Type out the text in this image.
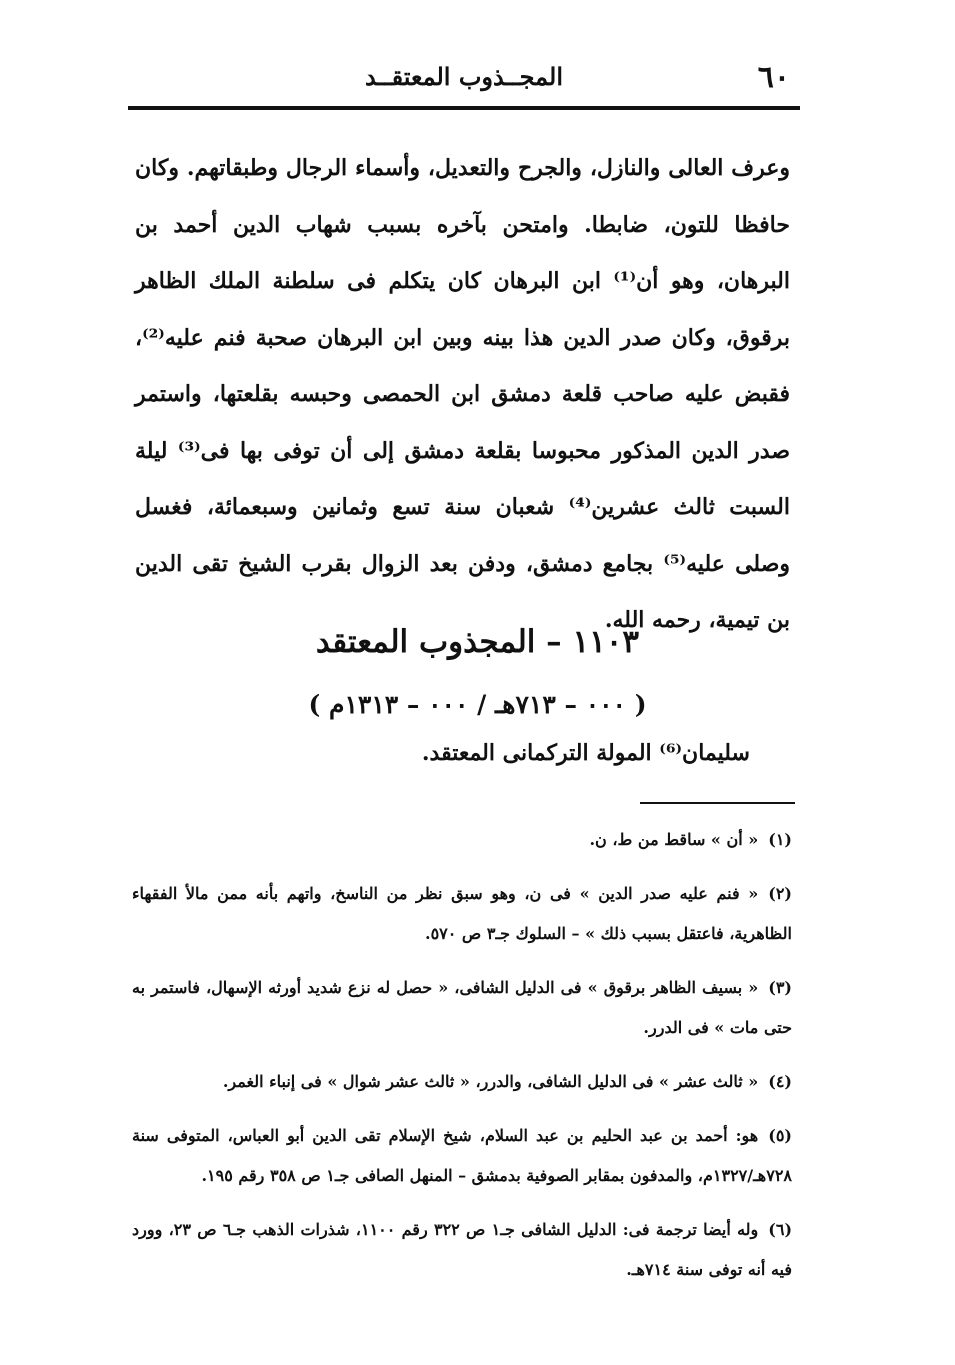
٦٠
المجــذوب المعتقــد

وعرف العالى والنازل، والجرح والتعديل، وأسماء الرجال وطبقاتهم. وكان حافظا للتون، ضابطا. وامتحن بآخره بسبب شهاب الدين أحمد بن البرهان، وهو أن⁽¹⁾ ابن البرهان كان يتكلم فى سلطنة الملك الظاهر برقوق، وكان صدر الدين هذا بينه وبين ابن البرهان صحبة فنم عليه⁽²⁾، فقبض عليه صاحب قلعة دمشق ابن الحمصى وحبسه بقلعتها، واستمر صدر الدين المذكور محبوسا بقلعة دمشق إلى أن توفى بها فى⁽³⁾ ليلة السبت ثالث عشرين⁽⁴⁾ شعبان سنة تسع وثمانين وسبعمائة، فغسل وصلى عليه⁽⁵⁾ بجامع دمشق، ودفن بعد الزوال بقرب الشيخ تقى الدين بن تيمية، رحمه الله.

١١٠٣ – المجذوب المعتقد
( ٠٠٠ – ٧١٣هـ / ٠٠٠ – ١٣١٣م )
سليمان⁽⁶⁾ المولة التركمانى المعتقد.

(١)« أن » ساقط من ط، ن.

(٢)« فنم عليه صدر الدين » فى ن، وهو سبق نظر من الناسخ، واتهم بأنه ممن مالأ الفقهاء الظاهرية، فاعتقل بسبب ذلك » – السلوك جـ٣ ص ٥٧٠.

(٣)« بسيف الظاهر برقوق » فى الدليل الشافى، « حصل له نزع شديد أورثه الإسهال، فاستمر به حتى مات » فى الدرر.

(٤)« ثالث عشر » فى الدليل الشافى، والدرر، « ثالث عشر شوال » فى إنباء الغمر.

(٥)هو: أحمد بن عبد الحليم بن عبد السلام، شيخ الإسلام تقى الدين أبو العباس، المتوفى سنة ٧٢٨هـ/١٣٢٧م، والمدفون بمقابر الصوفية بدمشق – المنهل الصافى جـ١ ص ٣٥٨ رقم ١٩٥.

(٦)وله أيضا ترجمة فى: الدليل الشافى جـ١ ص ٣٢٢ رقم ١١٠٠، شذرات الذهب جـ٦ ص ٢٣، وورد فيه أنه توفى سنة ٧١٤هـ.
